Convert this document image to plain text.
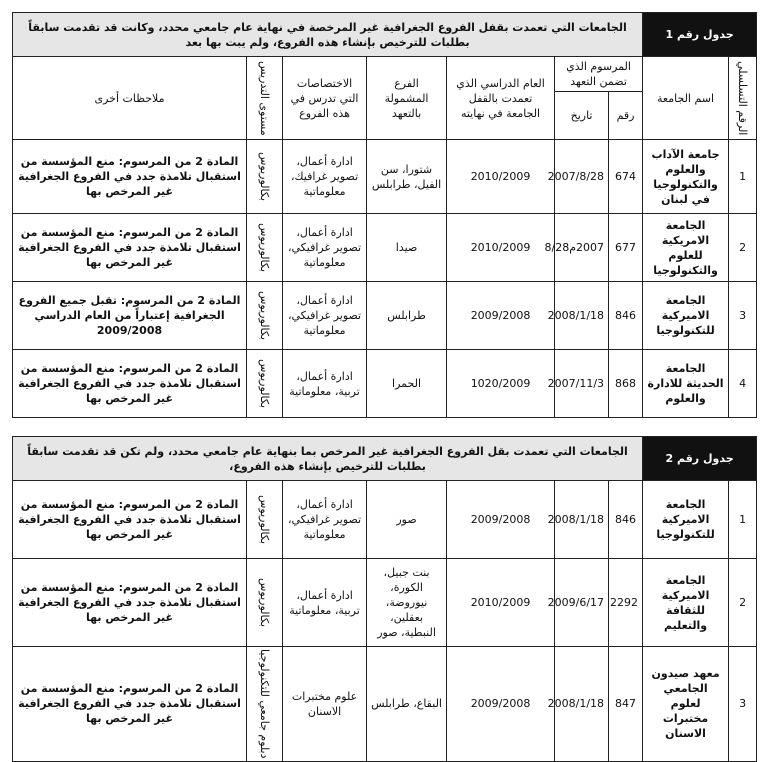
جدول رقم 1		الجامعات التي تعمدت بقفل الفروع الجغرافية غير المرخصة في نهاية عام جامعي محدد، وكانت قد تقدمت سابقاً بطلبات للترخيص بإنشاء هذه الفروع، ولم يبت بها بعد						

الرقم التسلسلي	اسم الجامعة	المرسوم الذي تضمن التعهد		العام الدراسي الذي تعمدت بالقفل الجامعة في نهايته	الفرع المشمولة بالتعهد	الاختصاصات التي تدرس في هذه الفروع	مستوى التدريس	ملاحظات أخرى
		رقم	تاريخ					
1	جامعة الآداب والعلوم والتكنولوجيا في لبنان	674	2007/8/28	2010/2009	شتورا، سن الفيل، طرابلس	ادارة أعمال، تصوير غرافيك، معلوماتية	بكالوريوس	المادة 2 من المرسوم: منع المؤسسة من استقبال تلامذة جدد في الفروع الجغرافية غير المرخص بها
2	الجامعة الامريكية للعلوم والتكنولوجيا	677	2007م8/28	2010/2009	صيدا	ادارة أعمال، تصوير غرافيكي، معلوماتية	بكالوريوس	المادة 2 من المرسوم: منع المؤسسة من استقبال تلامذة جدد في الفروع الجغرافية غير المرخص بها
3	الجامعة الاميركية للتكنولوجيا	846	2008/1/18	2009/2008	طرابلس	ادارة أعمال، تصوير غرافيكي، معلوماتية	بكالوريوس	المادة 2 من المرسوم: تقبل جميع الفروع الجغرافية إعتباراً من العام الدراسي 2009/2008
4	الجامعة الحديثة للادارة والعلوم	868	2007/11/3	1020/2009	الحمرا	ادارة أعمال، تربية، معلوماتية	بكالوريوس	المادة 2 من المرسوم: منع المؤسسة من استقبال تلامذة جدد في الفروع الجغرافية غير المرخص بها
جدول رقم 2		الجامعات التي تعمدت بقل الفروع الجغرافية غير المرخص بما بنهاية عام جامعي محدد، ولم تكن قد تقدمت سابقاً بطلبات للترخيص بإنشاء هذه الفروع،						
1	الجامعة الاميركية للتكنولوجيا	846	2008/1/18	2009/2008	صور	ادارة أعمال، تصوير غرافيكي، معلوماتية	بكالوريوس	المادة 2 من المرسوم: منع المؤسسة من استقبال تلامذة جدد في الفروع الجغرافية غير المرخص بها
2	الجامعة الاميركية للثقافة والتعليم	2292	2009/6/17	2010/2009	بنت جبيل، الكورة، نيوروضة، بعقلين، النبطية، صور	ادارة أعمال، تربية، معلوماتية	بكالوريوس	المادة 2 من المرسوم: منع المؤسسة من استقبال تلامذة جدد في الفروع الجغرافية غير المرخص بها
3	معهد صيدون الجامعي لعلوم مختبرات الاسنان	847	2008/1/18	2009/2008	البقاع، طرابلس	علوم مختبرات الاسنان	دبلوم جامعي للتكنولوجيا	المادة 2 من المرسوم: منع المؤسسة من استقبال تلامذة جدد في الفروع الجغرافية غير المرخص بها
